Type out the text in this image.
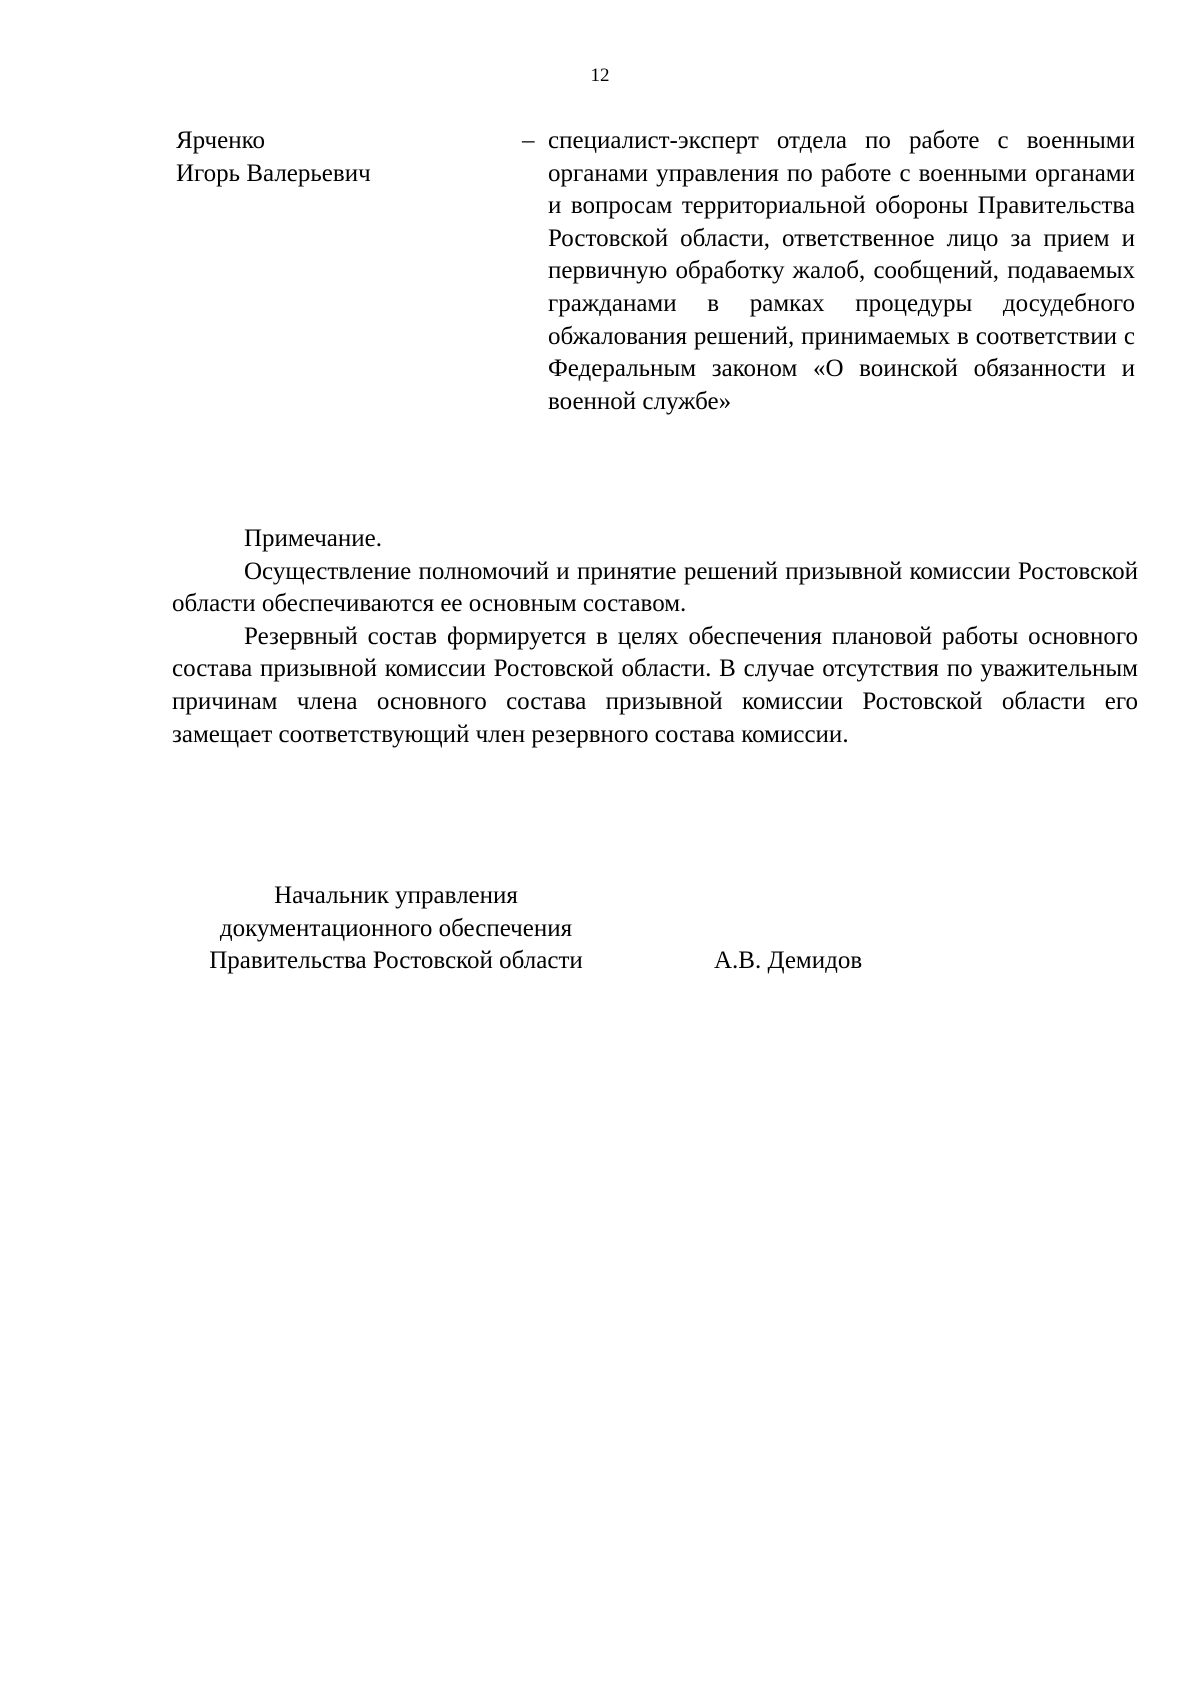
12
Ярченко
Игорь Валерьевич
– специалист-эксперт отдела по работе с военными органами управления по работе с военными органами и вопросам территориальной обороны Правительства Ростовской области, ответственное лицо за прием и первичную обработку жалоб, сообщений, подаваемых гражданами в рамках процедуры досудебного обжалования решений, принимаемых в соответствии с Федеральным законом «О воинской обязанности и военной службе»

Примечание.

Осуществление полномочий и принятие решений призывной комиссии Ростовской области обеспечиваются ее основным составом.

Резервный состав формируется в целях обеспечения плановой работы основного состава призывной комиссии Ростовской области. В случае отсутствия по уважительным причинам члена основного состава призывной комиссии Ростовской области его замещает соответствующий член резервного состава комиссии.

Начальник управления
документационного обеспечения
Правительства Ростовской области	А.В. Демидов
